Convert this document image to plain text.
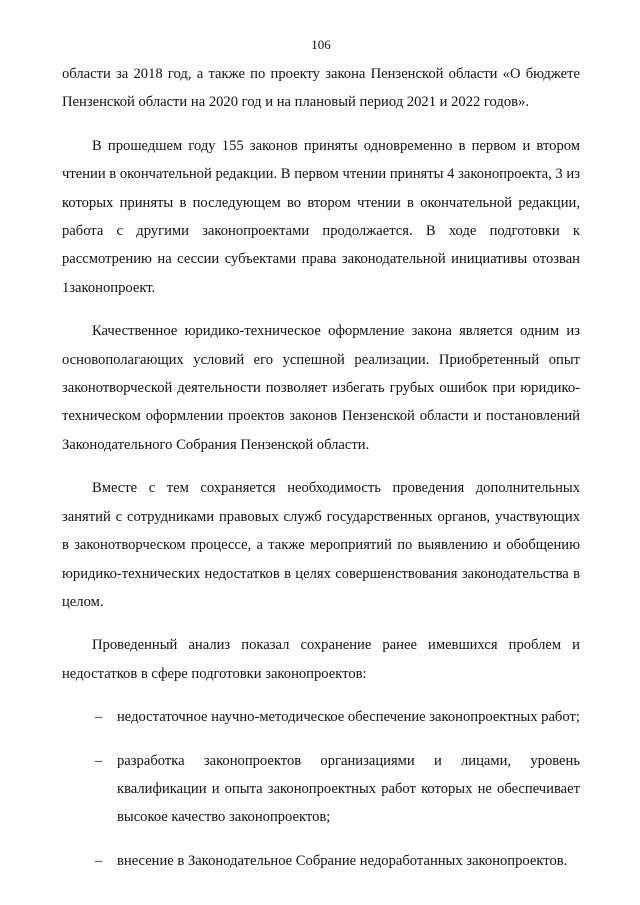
106

области за 2018 год, а также по проекту закона Пензенской области «О бюджете Пензенской области на 2020 год и на плановый период 2021 и 2022 годов».

В прошедшем году 155 законов приняты одновременно в первом и втором чтении в окончательной редакции. В первом чтении приняты 4 законопроекта, 3 из которых приняты в последующем во втором чтении в окончательной редакции, работа с другими законопроектами продолжается. В ходе подготовки к рассмотрению на сессии субъектами права законодательной инициативы отозван 1законопроект.

Качественное юридико-техническое оформление закона является одним из основополагающих условий его успешной реализации. Приобретенный опыт законотворческой деятельности позволяет избегать грубых ошибок при юридико-техническом оформлении проектов законов Пензенской области и постановлений Законодательного Собрания Пензенской области.

Вместе с тем сохраняется необходимость проведения дополнительных занятий с сотрудниками правовых служб государственных органов, участвующих в законотворческом процессе, а также мероприятий по выявлению и обобщению юридико-технических недостатков в целях совершенствования законодательства в целом.

Проведенный анализ показал сохранение ранее имевшихся проблем и недостатков в сфере подготовки законопроектов:

– недостаточное научно-методическое обеспечение законопроектных работ;
– разработка законопроектов организациями и лицами, уровень квалификации и опыта законопроектных работ которых не обеспечивает высокое качество законопроектов;
– внесение в Законодательное Собрание недоработанных законопроектов.
